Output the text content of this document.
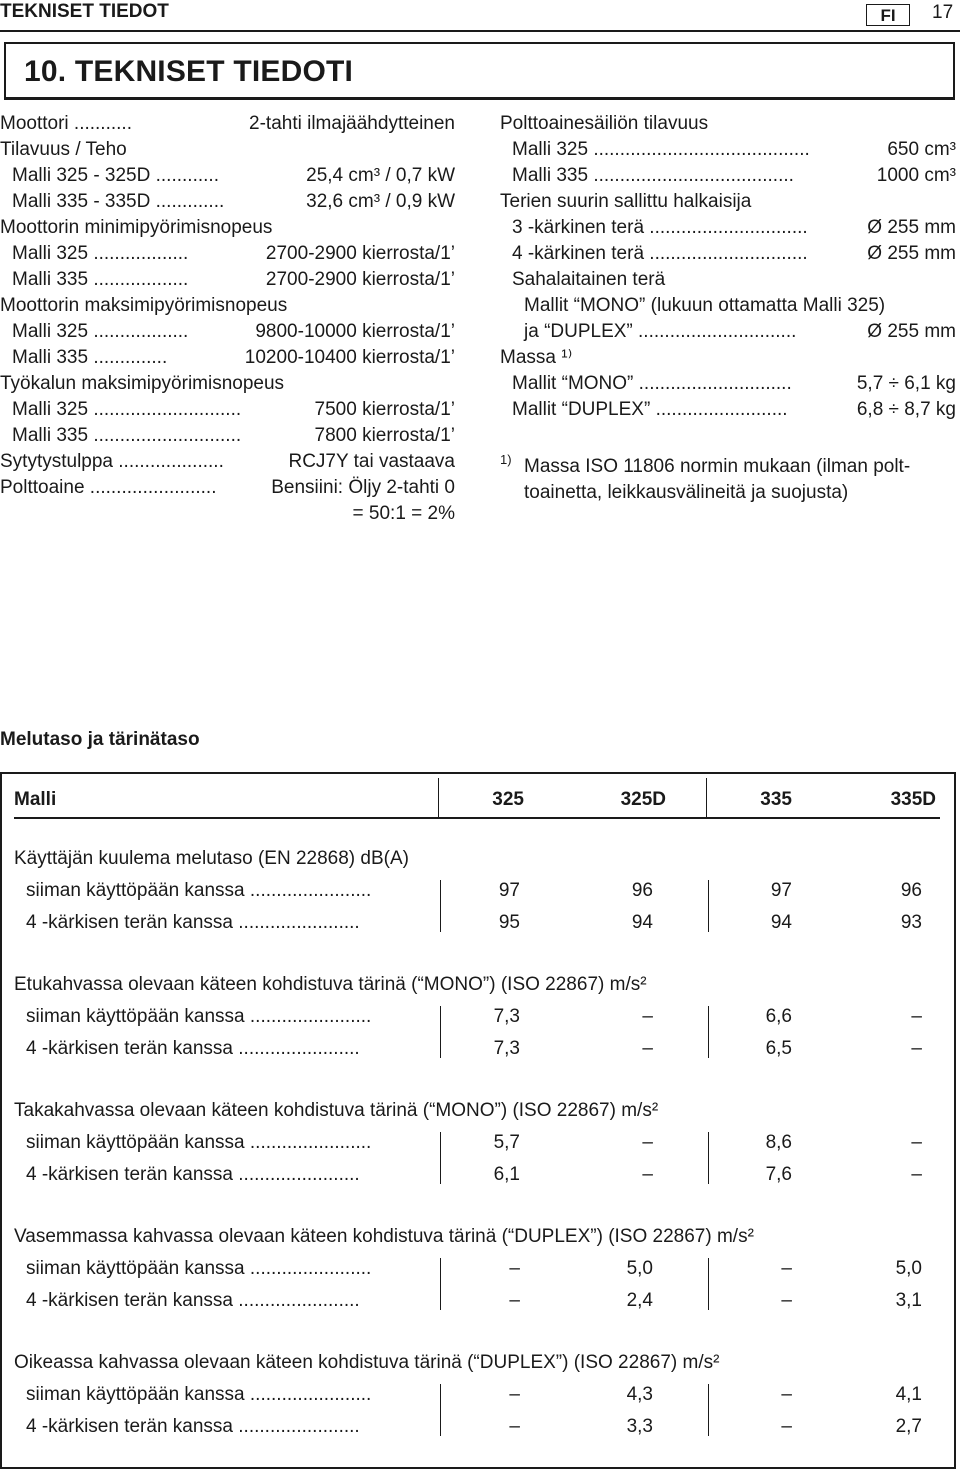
TEKNISET TIEDOT	FI	17
10. TEKNISET TIEDOTI
Moottori ...........	2-tahti ilmajäähdytteinen
Tilavuus / Teho
Malli 325 - 325D ............	25,4 cm³ / 0,7 kW
Malli 335 - 335D .............	32,6 cm³ / 0,9 kW
Moottorin minimipyörimisnopeus
Malli 325 ..................	2700-2900 kierrosta/1’
Malli 335 ..................	2700-2900 kierrosta/1’
Moottorin maksimipyörimisnopeus
Malli 325 ..................	9800-10000 kierrosta/1’
Malli 335 ..............	10200-10400 kierrosta/1’
Työkalun maksimipyörimisnopeus
Malli 325 ............................	7500 kierrosta/1’
Malli 335 ............................	7800 kierrosta/1’
Sytytystulppa ....................	RCJ7Y tai vastaava
Polttoaine ........................	Bensiini: Öljy 2-tahti 0
= 50:1 = 2%
Polttoainesäiliön tilavuus
Malli 325 .........................................	650 cm³
Malli 335 ......................................	1000 cm³
Terien suurin sallittu halkaisija
3 -kärkinen terä ..............................	Ø 255 mm
4 -kärkinen terä ..............................	Ø 255 mm
Sahalaitainen terä
Mallit “MONO” (lukuun ottamatta Malli 325)
ja “DUPLEX” ..............................	Ø 255 mm
Massa ¹⁾
Mallit “MONO” .............................	5,7 ÷ 6,1 kg
Mallit “DUPLEX” .........................	6,8 ÷ 8,7 kg
1) Massa ISO 11806 normin mukaan (ilman polt-
toainetta, leikkausvälineitä ja suojusta)
Melutaso ja tärinätaso
Malli	325	325D	335	335D
Käyttäjän kuulema melutaso (EN 22868) dB(A)
siiman käyttöpään kanssa .......................	97	96	97	96
4 -kärkisen terän kanssa .......................	95	94	94	93
Etukahvassa olevaan käteen kohdistuva tärinä (“MONO”) (ISO 22867) m/s²
siiman käyttöpään kanssa .......................	7,3	–	6,6	–
4 -kärkisen terän kanssa .......................	7,3	–	6,5	–
Takakahvassa olevaan käteen kohdistuva tärinä (“MONO”) (ISO 22867) m/s²
siiman käyttöpään kanssa .......................	5,7	–	8,6	–
4 -kärkisen terän kanssa .......................	6,1	–	7,6	–
Vasemmassa kahvassa olevaan käteen kohdistuva tärinä (“DUPLEX”) (ISO 22867) m/s²
siiman käyttöpään kanssa .......................	–	5,0	–	5,0
4 -kärkisen terän kanssa .......................	–	2,4	–	3,1
Oikeassa kahvassa olevaan käteen kohdistuva tärinä (“DUPLEX”) (ISO 22867) m/s²
siiman käyttöpään kanssa .......................	–	4,3	–	4,1
4 -kärkisen terän kanssa .......................	–	3,3	–	2,7
